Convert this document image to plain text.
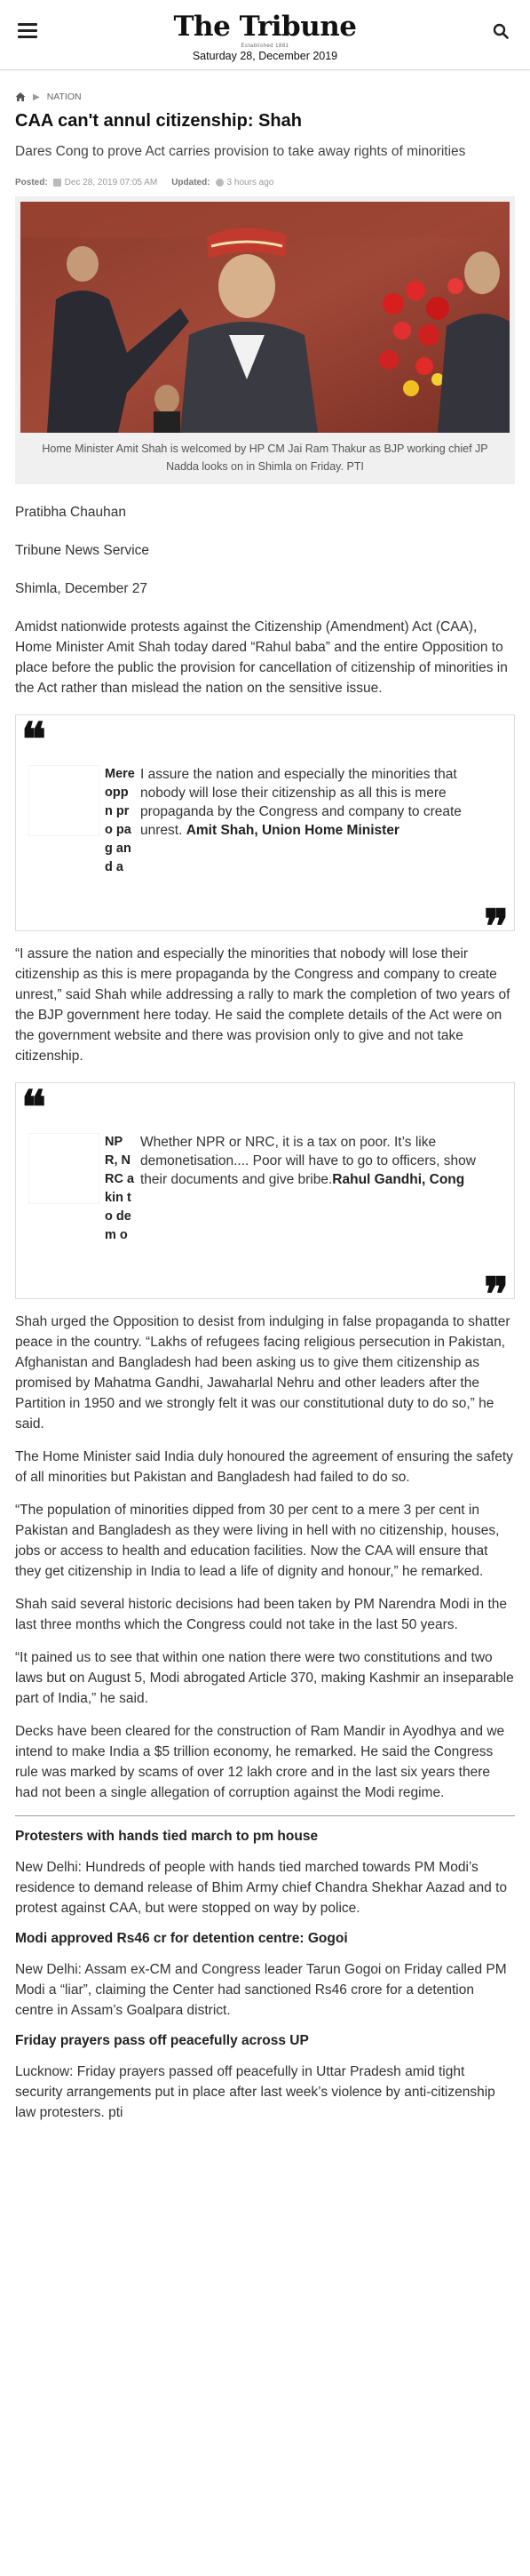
The Tribune
Established 1881
Saturday 28, December 2019
▶ NATION
CAA can't annul citizenship: Shah
Dares Cong to prove Act carries provision to take away rights of minorities
Posted: Dec 28, 2019 07:05 AM Updated: 3 hours ago
Home Minister Amit Shah is welcomed by HP CM Jai Ram Thakur as BJP working chief JP Nadda looks on in Shimla on Friday. PTI

Pratibha Chauhan

Tribune News Service

Shimla, December 27

Amidst nationwide protests against the Citizenship (Amendment) Act (CAA), Home Minister Amit Shah today dared “Rahul baba” and the entire Opposition to place before the public the provision for cancellation of citizenship of minorities in the Act rather than mislead the nation on the sensitive issue.

❝
Mere opp n pro pag and a
I assure the nation and especially the minorities that nobody will lose their citizenship as all this is mere propaganda by the Congress and company to create unrest. Amit Shah, Union Home Minister
❝

“I assure the nation and especially the minorities that nobody will lose their citizenship as this is mere propaganda by the Congress and company to create unrest,” said Shah while addressing a rally to mark the completion of two years of the BJP government here today. He said the complete details of the Act were on the government website and there was provision only to give and not take citizenship.

❝
NPR, NRC akin to dem o
Whether NPR or NRC, it is a tax on poor. It’s like demonetisation.... Poor will have to go to officers, show their documents and give bribe.Rahul Gandhi, Cong
❝

Shah urged the Opposition to desist from indulging in false propaganda to shatter peace in the country. “Lakhs of refugees facing religious persecution in Pakistan, Afghanistan and Bangladesh had been asking us to give them citizenship as promised by Mahatma Gandhi, Jawaharlal Nehru and other leaders after the Partition in 1950 and we strongly felt it was our constitutional duty to do so,” he said.

The Home Minister said India duly honoured the agreement of ensuring the safety of all minorities but Pakistan and Bangladesh had failed to do so.

“The population of minorities dipped from 30 per cent to a mere 3 per cent in Pakistan and Bangladesh as they were living in hell with no citizenship, houses, jobs or access to health and education facilities. Now the CAA will ensure that they get citizenship in India to lead a life of dignity and honour,” he remarked.

Shah said several historic decisions had been taken by PM Narendra Modi in the last three months which the Congress could not take in the last 50 years.

“It pained us to see that within one nation there were two constitutions and two laws but on August 5, Modi abrogated Article 370, making Kashmir an inseparable part of India,” he said.

Decks have been cleared for the construction of Ram Mandir in Ayodhya and we intend to make India a $5 trillion economy, he remarked. He said the Congress rule was marked by scams of over 12 lakh crore and in the last six years there had not been a single allegation of corruption against the Modi regime.

Protesters with hands tied march to pm house

New Delhi: Hundreds of people with hands tied marched towards PM Modi’s residence to demand release of Bhim Army chief Chandra Shekhar Aazad and to protest against CAA, but were stopped on way by police.

Modi approved Rs46 cr for detention centre: Gogoi

New Delhi: Assam ex-CM and Congress leader Tarun Gogoi on Friday called PM Modi a “liar”, claiming the Center had sanctioned Rs46 crore for a detention centre in Assam’s Goalpara district.

Friday prayers pass off peacefully across UP

Lucknow: Friday prayers passed off peacefully in Uttar Pradesh amid tight security arrangements put in place after last week’s violence by anti-citizenship law protesters. pti
